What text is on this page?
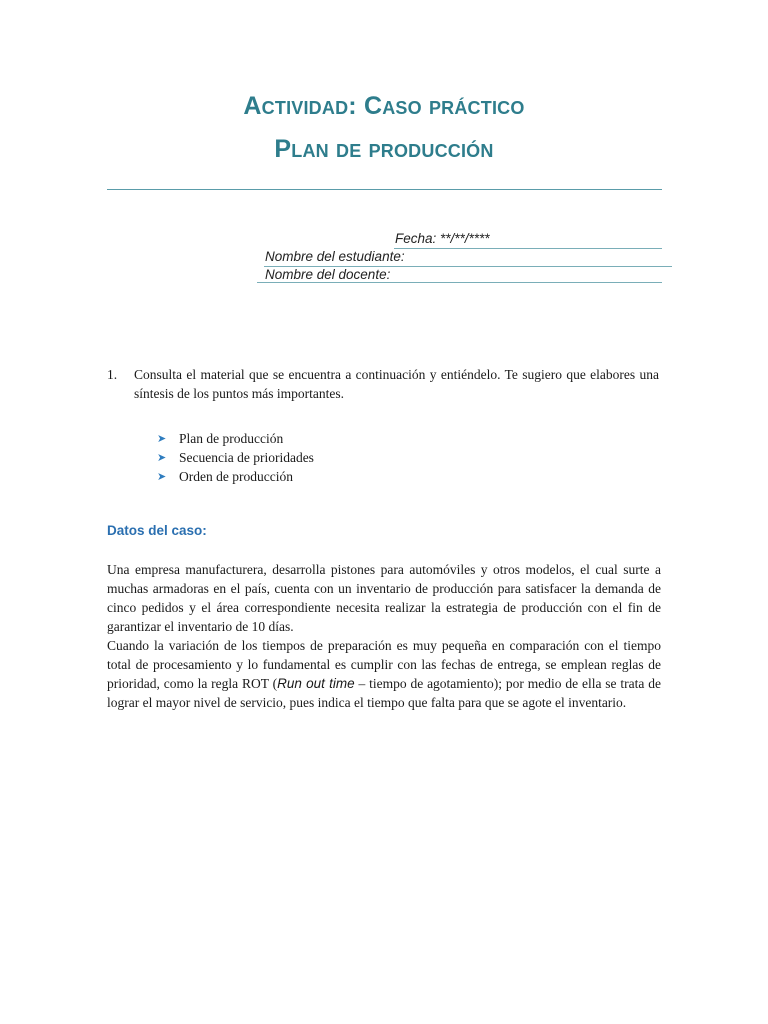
Actividad: Caso práctico
Plan de producción
Fecha: **/**/****
Nombre del estudiante:
Nombre del docente:
1. Consulta el material que se encuentra a continuación y entiéndelo. Te sugiero que elabores una síntesis de los puntos más importantes.
➤ Plan de producción
➤ Secuencia de prioridades
➤ Orden de producción
Datos del caso:

Una empresa manufacturera, desarrolla pistones para automóviles y otros modelos, el cual surte a muchas armadoras en el país, cuenta con un inventario de producción para satisfacer la demanda de cinco pedidos y el área correspondiente necesita realizar la estrategia de producción con el fin de garantizar el inventario de 10 días.

Cuando la variación de los tiempos de preparación es muy pequeña en comparación con el tiempo total de procesamiento y lo fundamental es cumplir con las fechas de entrega, se emplean reglas de prioridad, como la regla ROT (Run out time – tiempo de agotamiento); por medio de ella se trata de lograr el mayor nivel de servicio, pues indica el tiempo que falta para que se agote el inventario.
